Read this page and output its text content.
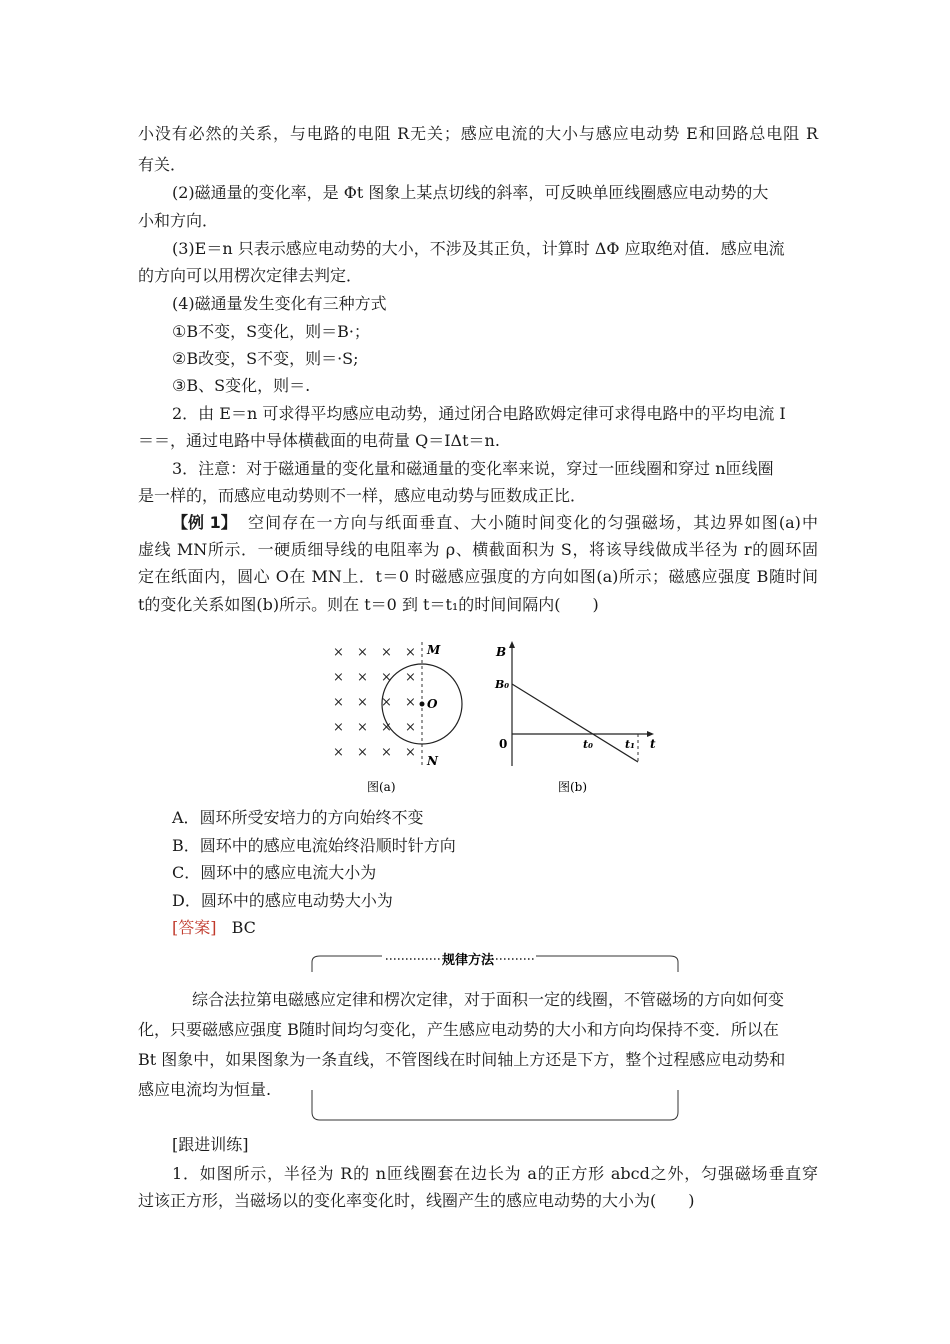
小没有必然的关系，与电路的电阻 R无关；感应电流的大小与感应电动势 E和回路总电阻 R
有关．
(2)磁通量的变化率，是 Φt 图象上某点切线的斜率，可反映单匝线圈感应电动势的大
小和方向．
(3)E＝n 只表示感应电动势的大小，不涉及其正负，计算时 ΔΦ 应取绝对值．感应电流
的方向可以用楞次定律去判定．
(4)磁通量发生变化有三种方式
①B不变，S变化，则＝B·；
②B改变，S不变，则＝·S;
③B、S变化，则＝.
2．由 E＝n 可求得平均感应电动势，通过闭合电路欧姆定律可求得电路中的平均电流 I
＝＝，通过电路中导体横截面的电荷量 Q＝IΔt＝n.
3．注意：对于磁通量的变化量和磁通量的变化率来说，穿过一匝线圈和穿过 n匝线圈
是一样的，而感应电动势则不一样，感应电动势与匝数成正比．
【例 1】 空间存在一方向与纸面垂直、大小随时间变化的匀强磁场，其边界如图(a)中
虚线 MN所示．一硬质细导线的电阻率为 ρ、横截面积为 S，将该导线做成半径为 r的圆环固
定在纸面内，圆心 O在 MN上．t＝0 时磁感应强度的方向如图(a)所示；磁感应强度 B随时间
t的变化关系如图(b)所示。则在 t＝0 到 t＝t₁的时间间隔内(　　)
× × × ×
× × × ×
× × × ×
× × × ×
× × × ×
M
O
N
图(a)
B
B₀
0	t₀	t₁ t
图(b)
A．圆环所受安培力的方向始终不变
B．圆环中的感应电流始终沿顺时针方向
C．圆环中的感应电流大小为
D．圆环中的感应电动势大小为
[答案] BC
规律方法
综合法拉第电磁感应定律和楞次定律，对于面积一定的线圈，不管磁场的方向如何变
化，只要磁感应强度 B随时间均匀变化，产生感应电动势的大小和方向均保持不变．所以在
Bt 图象中，如果图象为一条直线，不管图线在时间轴上方还是下方，整个过程感应电动势和
感应电流均为恒量.
[跟进训练]
1．如图所示，半径为 R的 n匝线圈套在边长为 a的正方形 abcd之外，匀强磁场垂直穿
过该正方形，当磁场以的变化率变化时，线圈产生的感应电动势的大小为(　　)
